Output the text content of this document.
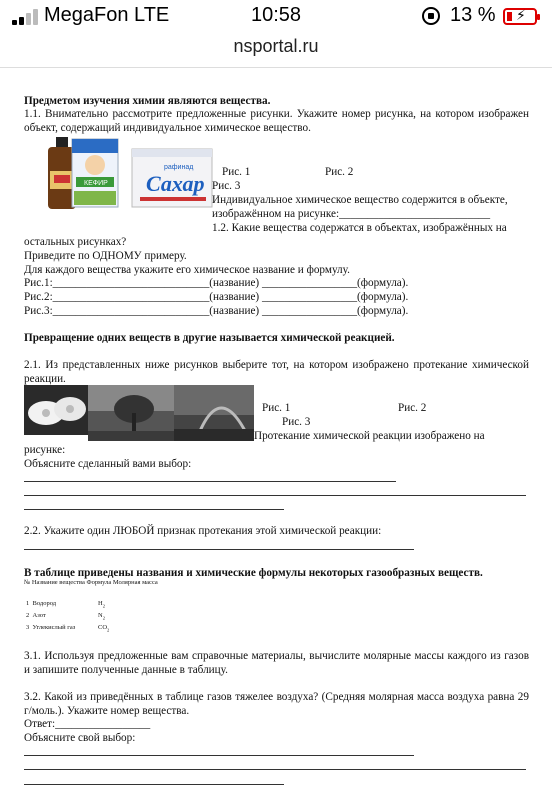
MegaFon LTE	10:58	13 % ⚡
nsportal.ru
Предметом изучения химии являются вещества.
1.1. Внимательно рассмотрите предложенные рисунки. Укажите номер рисунка, на котором изображен объект, содержащий индивидуальное химическое вещество.
КЕФИР Сахар
рафинад	Рис. 1	Рис. 2
Рис. 3
Индивидуальное химическое вещество содержится в объекте,
изображённом на рисунке:___________________________
1.2. Какие вещества содержатся в объектах, изображённых на
остальных рисунках?
Приведите по ОДНОМУ примеру.
Для каждого вещества укажите его химическое название и формулу.
Рис.1:____________________________(название) _________________(формула).
Рис.2:____________________________(название) _________________(формула).
Рис.3:____________________________(название) _________________(формула).
Превращение одних веществ в другие называется химической реакцией.
2.1. Из представленных ниже рисунков выберите тот, на котором изображено протекание химической реакции.
Рис. 1	Рис. 2
Рис. 3
Протекание химической реакции изображено на
рисунке:
Объясните сделанный вами выбор:
2.2. Укажите один ЛЮБОЙ признак протекания этой химической реакции:
В таблице приведены названия и химические формулы некоторых газообразных веществ.
№ Название вещества Формула Молярная масса
1 Водород	$H_2$
2 Азот	$N_2$
3 Углекислый газ	$CO_2$
3.1. Используя предложенные вам справочные материалы, вычислите молярные массы каждого из газов и запишите полученные данные в таблицу.
3.2. Какой из приведённых в таблице газов тяжелее воздуха? (Средняя молярная масса воздуха равна 29 г/моль.). Укажите номер вещества.
Ответ:_________________
Объясните свой выбор:
